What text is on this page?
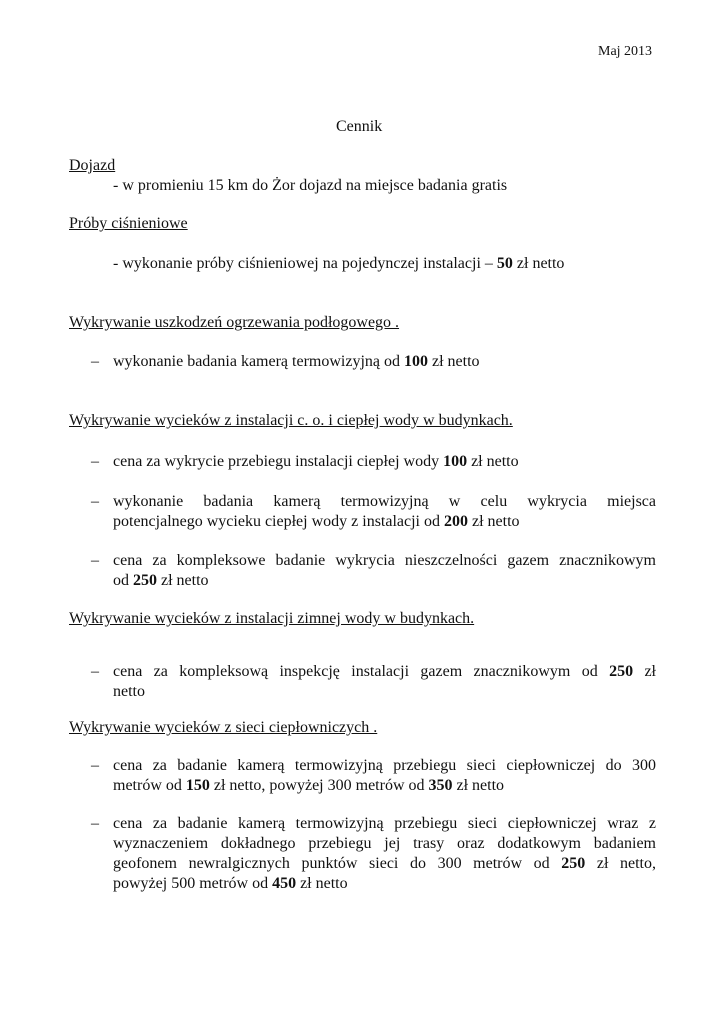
Maj 2013
Cennik
Dojazd
- w promieniu 15 km do Żor dojazd na miejsce badania gratis
Próby ciśnieniowe
- wykonanie próby ciśnieniowej na pojedynczej instalacji – 50 zł netto
Wykrywanie uszkodzeń ogrzewania podłogowego .
– wykonanie badania kamerą termowizyjną od 100 zł netto
Wykrywanie wycieków z instalacji c. o. i ciepłej wody w budynkach.
– cena za wykrycie przebiegu instalacji ciepłej wody 100 zł netto
– wykonanie badania kamerą termowizyjną w celu wykrycia miejsca
potencjalnego wycieku ciepłej wody z instalacji od 200 zł netto
– cena za kompleksowe badanie wykrycia nieszczelności gazem znacznikowym
od 250 zł netto
Wykrywanie wycieków z instalacji zimnej wody w budynkach.
– cena za kompleksową inspekcję instalacji gazem znacznikowym od 250 zł
netto
Wykrywanie wycieków z sieci ciepłowniczych .
– cena za badanie kamerą termowizyjną przebiegu sieci ciepłowniczej do 300
metrów od 150 zł netto, powyżej 300 metrów od 350 zł netto
– cena za badanie kamerą termowizyjną przebiegu sieci ciepłowniczej wraz z
wyznaczeniem dokładnego przebiegu jej trasy oraz dodatkowym badaniem
geofonem newralgicznych punktów sieci do 300 metrów od 250 zł netto,
powyżej 500 metrów od 450 zł netto
